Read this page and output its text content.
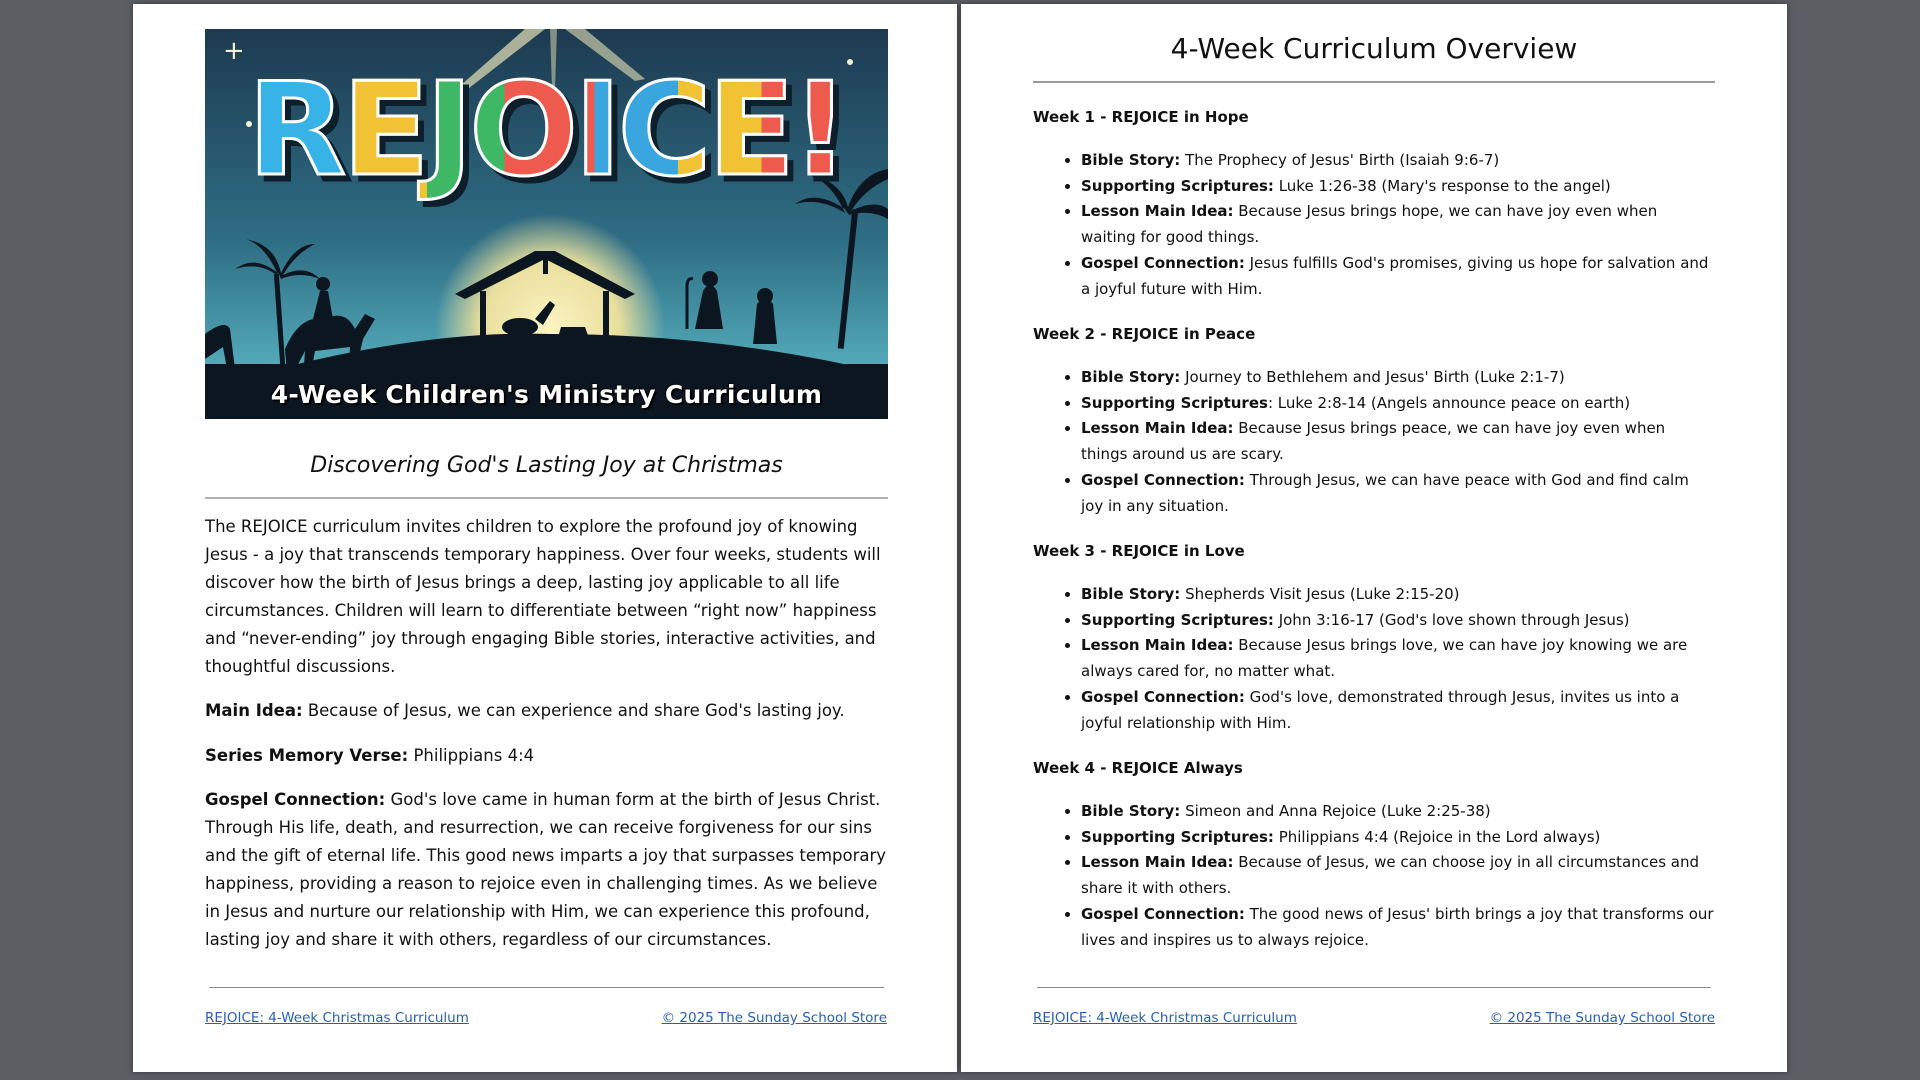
+
REJOICE!
4-Week Children's Ministry Curriculum
Discovering God's Lasting Joy at Christmas
The REJOICE curriculum invites children to explore the profound joy of knowing Jesus - a joy that transcends temporary happiness. Over four weeks, students will discover how the birth of Jesus brings a deep, lasting joy applicable to all life circumstances. Children will learn to differentiate between “right now” happiness and “never-ending” joy through engaging Bible stories, interactive activities, and thoughtful discussions.
Main Idea: Because of Jesus, we can experience and share God's lasting joy.
Series Memory Verse: Philippians 4:4
Gospel Connection: God's love came in human form at the birth of Jesus Christ. Through His life, death, and resurrection, we can receive forgiveness for our sins and the gift of eternal life. This good news imparts a joy that surpasses temporary happiness, providing a reason to rejoice even in challenging times. As we believe in Jesus and nurture our relationship with Him, we can experience this profound, lasting joy and share it with others, regardless of our circumstances.
REJOICE: 4-Week Christmas Curriculum	© 2025 The Sunday School Store
4-Week Curriculum Overview
Week 1 - REJOICE in Hope
• Bible Story: The Prophecy of Jesus' Birth (Isaiah 9:6-7)
• Supporting Scriptures: Luke 1:26-38 (Mary's response to the angel)
• Lesson Main Idea: Because Jesus brings hope, we can have joy even when waiting for good things.
• Gospel Connection: Jesus fulfills God's promises, giving us hope for salvation and a joyful future with Him.
Week 2 - REJOICE in Peace
• Bible Story: Journey to Bethlehem and Jesus' Birth (Luke 2:1-7)
• Supporting Scriptures: Luke 2:8-14 (Angels announce peace on earth)
• Lesson Main Idea: Because Jesus brings peace, we can have joy even when things around us are scary.
• Gospel Connection: Through Jesus, we can have peace with God and find calm joy in any situation.
Week 3 - REJOICE in Love
• Bible Story: Shepherds Visit Jesus (Luke 2:15-20)
• Supporting Scriptures: John 3:16-17 (God's love shown through Jesus)
• Lesson Main Idea: Because Jesus brings love, we can have joy knowing we are always cared for, no matter what.
• Gospel Connection: God's love, demonstrated through Jesus, invites us into a joyful relationship with Him.
Week 4 - REJOICE Always
• Bible Story: Simeon and Anna Rejoice (Luke 2:25-38)
• Supporting Scriptures: Philippians 4:4 (Rejoice in the Lord always)
• Lesson Main Idea: Because of Jesus, we can choose joy in all circumstances and share it with others.
• Gospel Connection: The good news of Jesus' birth brings a joy that transforms our lives and inspires us to always rejoice.
REJOICE: 4-Week Christmas Curriculum	© 2025 The Sunday School Store
